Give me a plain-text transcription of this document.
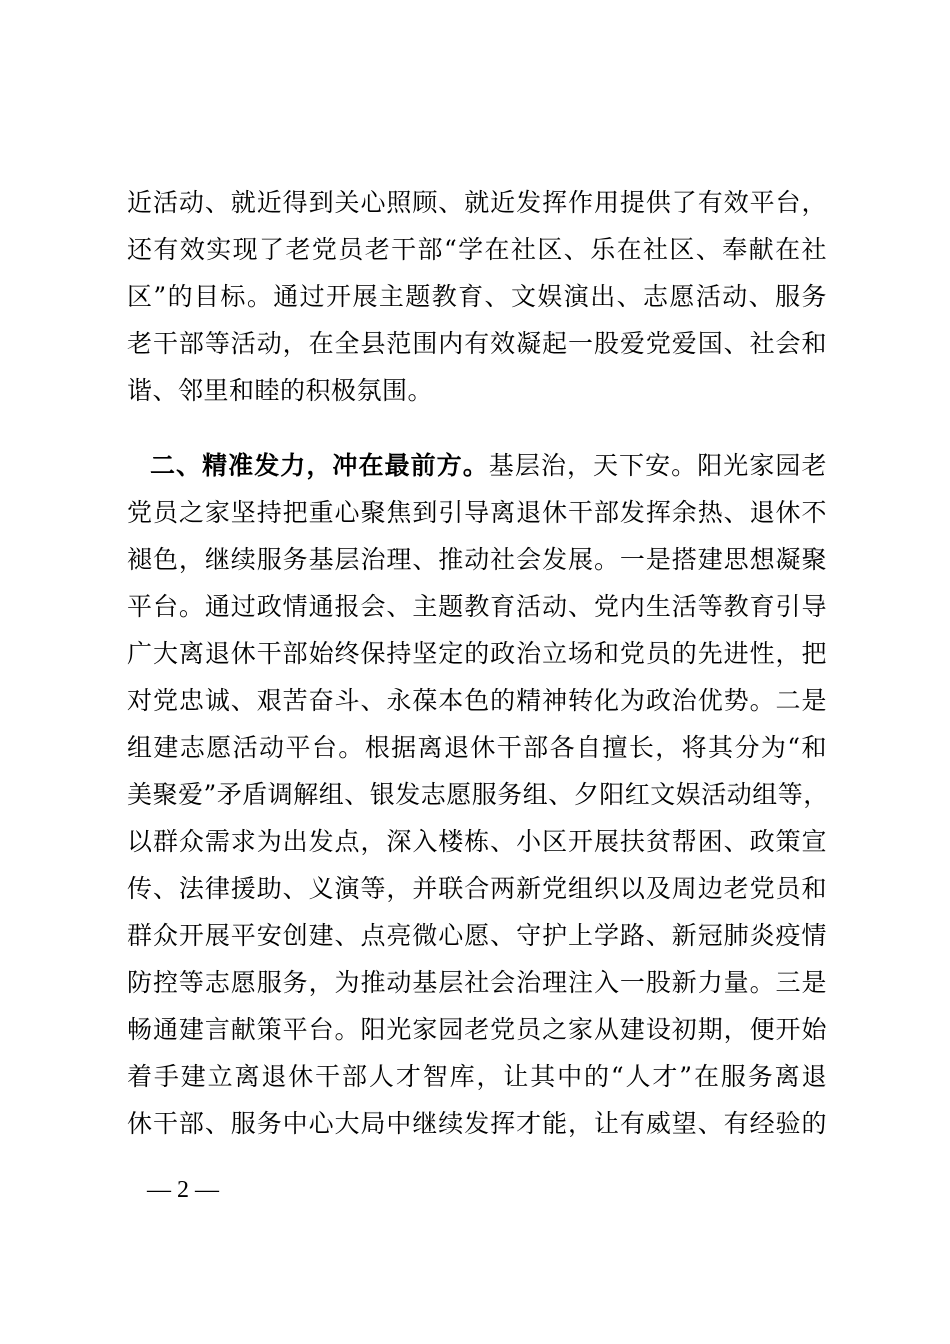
近活动、就近得到关心照顾、就近发挥作用提供了有效平台，
还有效实现了老党员老干部“学在社区、乐在社区、奉献在社
区”的目标。通过开展主题教育、文娱演出、志愿活动、服务
老干部等活动，在全县范围内有效凝起一股爱党爱国、社会和
谐、邻里和睦的积极氛围。
二、精准发力，冲在最前方。基层治，天下安。阳光家园老
党员之家坚持把重心聚焦到引导离退休干部发挥余热、退休不
褪色，继续服务基层治理、推动社会发展。一是搭建思想凝聚
平台。通过政情通报会、主题教育活动、党内生活等教育引导
广大离退休干部始终保持坚定的政治立场和党员的先进性，把
对党忠诚、艰苦奋斗、永葆本色的精神转化为政治优势。二是
组建志愿活动平台。根据离退休干部各自擅长，将其分为“和
美聚爱”矛盾调解组、银发志愿服务组、夕阳红文娱活动组等，
以群众需求为出发点，深入楼栋、小区开展扶贫帮困、政策宣
传、法律援助、义演等，并联合两新党组织以及周边老党员和
群众开展平安创建、点亮微心愿、守护上学路、新冠肺炎疫情
防控等志愿服务，为推动基层社会治理注入一股新力量。三是
畅通建言献策平台。阳光家园老党员之家从建设初期，便开始
着手建立离退休干部人才智库，让其中的“人才”在服务离退
休干部、服务中心大局中继续发挥才能，让有威望、有经验的
— 2 —
